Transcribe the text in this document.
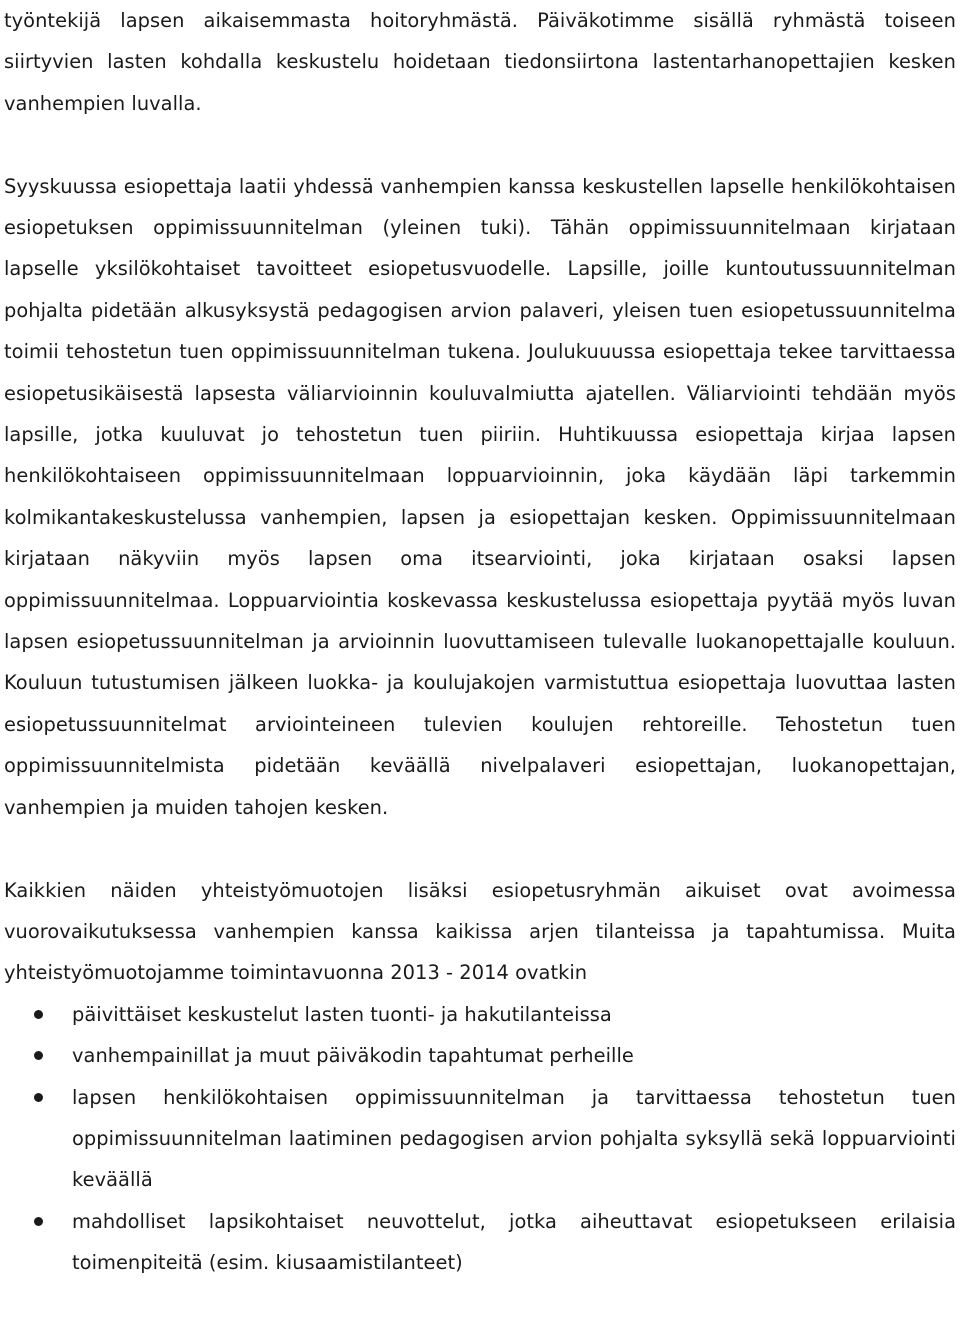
työntekijä lapsen aikaisemmasta hoitoryhmästä. Päiväkotimme sisällä ryhmästä toiseen siirtyvien lasten kohdalla keskustelu hoidetaan tiedonsiirtona lastentarhanopettajien kesken vanhempien luvalla.

Syyskuussa esiopettaja laatii yhdessä vanhempien kanssa keskustellen lapselle henkilökohtaisen esiopetuksen oppimissuunnitelman (yleinen tuki). Tähän oppimissuunnitelmaan kirjataan lapselle yksilökohtaiset tavoitteet esiopetusvuodelle. Lapsille, joille kuntoutussuunnitelman pohjalta pidetään alkusyksystä pedagogisen arvion palaveri, yleisen tuen esiopetussuunnitelma toimii tehostetun tuen oppimissuunnitelman tukena. Joulukuuussa esiopettaja tekee tarvittaessa esiopetusikäisestä lapsesta väliarvioinnin kouluvalmiutta ajatellen. Väliarviointi tehdään myös lapsille, jotka kuuluvat jo tehostetun tuen piiriin. Huhtikuussa esiopettaja kirjaa lapsen henkilökohtaiseen oppimissuunnitelmaan loppuarvioinnin, joka käydään läpi tarkemmin kolmikantakeskustelussa vanhempien, lapsen ja esiopettajan kesken. Oppimissuunnitelmaan kirjataan näkyviin myös lapsen oma itsearviointi, joka kirjataan osaksi lapsen oppimissuunnitelmaa. Loppuarviointia koskevassa keskustelussa esiopettaja pyytää myös luvan lapsen esiopetussuunnitelman ja arvioinnin luovuttamiseen tulevalle luokanopettajalle kouluun. Kouluun tutustumisen jälkeen luokka- ja koulujakojen varmistuttua esiopettaja luovuttaa lasten esiopetussuunnitelmat arviointeineen tulevien koulujen rehtoreille. Tehostetun tuen oppimissuunnitelmista pidetään keväällä nivelpalaveri esiopettajan, luokanopettajan, vanhempien ja muiden tahojen kesken.

Kaikkien näiden yhteistyömuotojen lisäksi esiopetusryhmän aikuiset ovat avoimessa vuorovaikutuksessa vanhempien kanssa kaikissa arjen tilanteissa ja tapahtumissa. Muita yhteistyömuotojamme toimintavuonna 2013 - 2014 ovatkin

päivittäiset keskustelut lasten tuonti- ja hakutilanteissa
vanhempainillat ja muut päiväkodin tapahtumat perheille
lapsen henkilökohtaisen oppimissuunnitelman ja tarvittaessa tehostetun tuen oppimissuunnitelman laatiminen pedagogisen arvion pohjalta syksyllä sekä loppuarviointi keväällä
mahdolliset lapsikohtaiset neuvottelut, jotka aiheuttavat esiopetukseen erilaisia toimenpiteitä (esim. kiusaamistilanteet)
